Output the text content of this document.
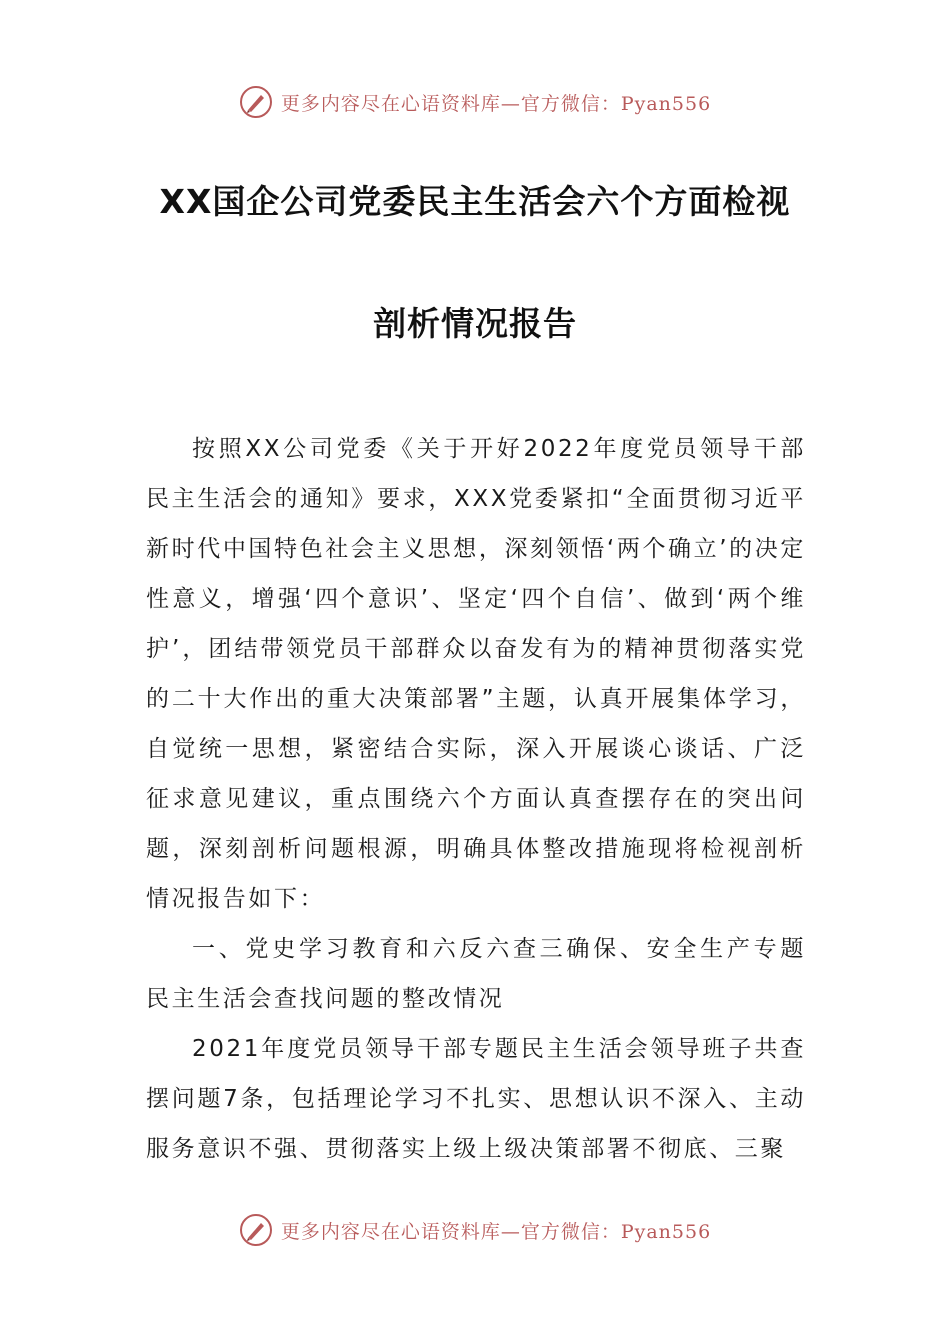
更多内容尽在心语资料库—官方微信：Pyan556
XX国企公司党委民主生活会六个方面检视
剖析情况报告

按照XX公司党委《关于开好2022年度党员领导干部民主生活会的通知》要求，XXX党委紧扣“全面贯彻习近平新时代中国特色社会主义思想，深刻领悟‘两个确立’的决定性意义，增强‘四个意识’、坚定‘四个自信’、做到‘两个维护’，团结带领党员干部群众以奋发有为的精神贯彻落实党的二十大作出的重大决策部署”主题，认真开展集体学习，自觉统一思想，紧密结合实际，深入开展谈心谈话、广泛征求意见建议，重点围绕六个方面认真查摆存在的突出问题，深刻剖析问题根源，明确具体整改措施现将检视剖析情况报告如下：

一、党史学习教育和六反六查三确保、安全生产专题民主生活会查找问题的整改情况

2021年度党员领导干部专题民主生活会领导班子共查摆问题7条，包括理论学习不扎实、思想认识不深入、主动服务意识不强、贯彻落实上级上级决策部署不彻底、三聚

更多内容尽在心语资料库—官方微信：Pyan556
